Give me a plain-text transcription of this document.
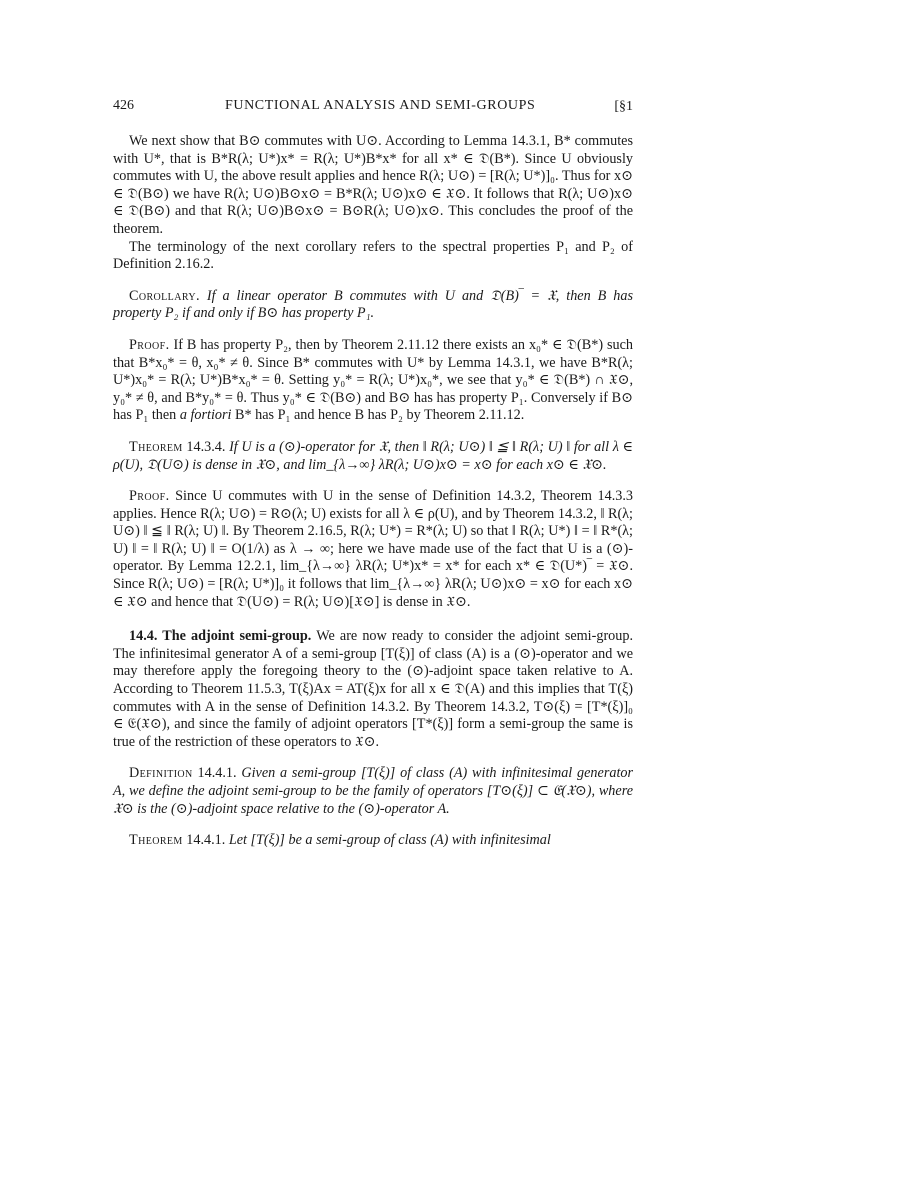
426	FUNCTIONAL ANALYSIS AND SEMI-GROUPS	[§1

We next show that B⊙ commutes with U⊙. According to Lemma 14.3.1, B* commutes with U*, that is B*R(λ; U*)x* = R(λ; U*)B*x* for all x* ∈ 𝔇(B*). Since U obviously commutes with U, the above result applies and hence R(λ; U⊙) = [R(λ; U*)]₀. Thus for x⊙ ∈ 𝔇(B⊙) we have R(λ; U⊙)B⊙x⊙ = B*R(λ; U⊙)x⊙ ∈ 𝔛⊙. It follows that R(λ; U⊙)x⊙ ∈ 𝔇(B⊙) and that R(λ; U⊙)B⊙x⊙ = B⊙R(λ; U⊙)x⊙. This concludes the proof of the theorem.

The terminology of the next corollary refers to the spectral properties P₁ and P₂ of Definition 2.16.2.

Corollary. If a linear operator B commutes with U and 𝔇(B)‾ = 𝔛, then B has property P₂ if and only if B⊙ has property P₁.

Proof. If B has property P₂, then by Theorem 2.11.12 there exists an x₀* ∈ 𝔇(B*) such that B*x₀* = θ, x₀* ≠ θ. Since B* commutes with U* by Lemma 14.3.1, we have B*R(λ; U*)x₀* = R(λ; U*)B*x₀* = θ. Setting y₀* = R(λ; U*)x₀*, we see that y₀* ∈ 𝔇(B*) ∩ 𝔛⊙, y₀* ≠ θ, and B*y₀* = θ. Thus y₀* ∈ 𝔇(B⊙) and B⊙ has has property P₁. Conversely if B⊙ has P₁ then a fortiori B* has P₁ and hence B has P₂ by Theorem 2.11.12.

Theorem 14.3.4. If U is a (⊙)-operator for 𝔛, then ‖ R(λ; U⊙) ‖ ≦ ‖ R(λ; U) ‖ for all λ ∈ ρ(U), 𝔇(U⊙) is dense in 𝔛⊙, and lim_{λ→∞} λR(λ; U⊙)x⊙ = x⊙ for each x⊙ ∈ 𝔛⊙.

Proof. Since U commutes with U in the sense of Definition 14.3.2, Theorem 14.3.3 applies. Hence R(λ; U⊙) = R⊙(λ; U) exists for all λ ∈ ρ(U), and by Theorem 14.3.2, ‖ R(λ; U⊙) ‖ ≦ ‖ R(λ; U) ‖. By Theorem 2.16.5, R(λ; U*) = R*(λ; U) so that ‖ R(λ; U*) ‖ = ‖ R*(λ; U) ‖ = ‖ R(λ; U) ‖ = O(1/λ) as λ → ∞; here we have made use of the fact that U is a (⊙)-operator. By Lemma 12.2.1, lim_{λ→∞} λR(λ; U*)x* = x* for each x* ∈ 𝔇(U*)‾ = 𝔛⊙. Since R(λ; U⊙) = [R(λ; U*)]₀ it follows that lim_{λ→∞} λR(λ; U⊙)x⊙ = x⊙ for each x⊙ ∈ 𝔛⊙ and hence that 𝔇(U⊙) = R(λ; U⊙)[𝔛⊙] is dense in 𝔛⊙.

14.4. The adjoint semi-group. We are now ready to consider the adjoint semi-group. The infinitesimal generator A of a semi-group [T(ξ)] of class (A) is a (⊙)-operator and we may therefore apply the foregoing theory to the (⊙)-adjoint space taken relative to A. According to Theorem 11.5.3, T(ξ)Ax = AT(ξ)x for all x ∈ 𝔇(A) and this implies that T(ξ) commutes with A in the sense of Definition 14.3.2. By Theorem 14.3.2, T⊙(ξ) = [T*(ξ)]₀ ∈ 𝔈(𝔛⊙), and since the family of adjoint operators [T*(ξ)] form a semi-group the same is true of the restriction of these operators to 𝔛⊙.

Definition 14.4.1. Given a semi-group [T(ξ)] of class (A) with infinitesimal generator A, we define the adjoint semi-group to be the family of operators [T⊙(ξ)] ⊂ 𝔈(𝔛⊙), where 𝔛⊙ is the (⊙)-adjoint space relative to the (⊙)-operator A.

Theorem 14.4.1. Let [T(ξ)] be a semi-group of class (A) with infinitesimal
